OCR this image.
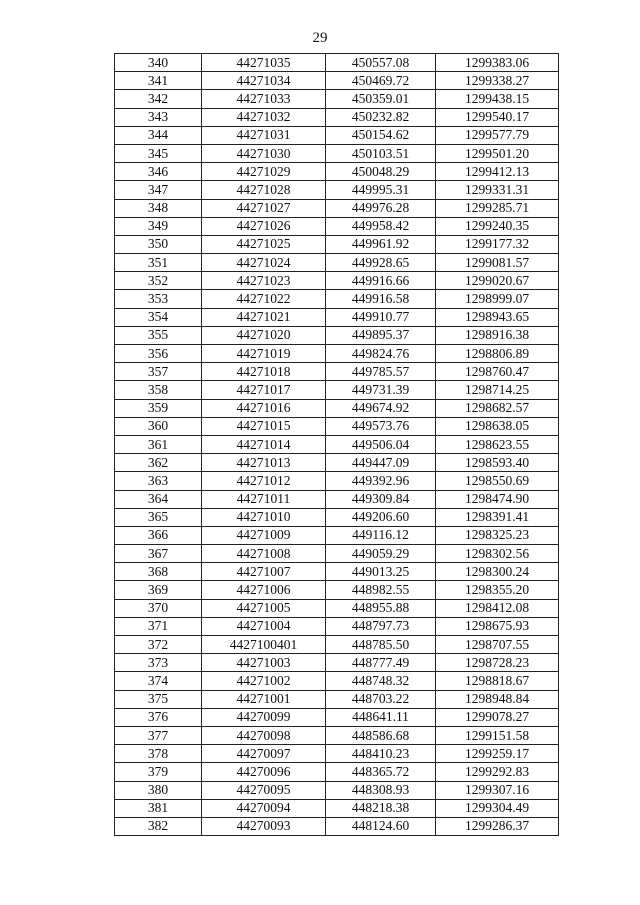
29
340	44271035	450557.08	1299383.06
341	44271034	450469.72	1299338.27
342	44271033	450359.01	1299438.15
343	44271032	450232.82	1299540.17
344	44271031	450154.62	1299577.79
345	44271030	450103.51	1299501.20
346	44271029	450048.29	1299412.13
347	44271028	449995.31	1299331.31
348	44271027	449976.28	1299285.71
349	44271026	449958.42	1299240.35
350	44271025	449961.92	1299177.32
351	44271024	449928.65	1299081.57
352	44271023	449916.66	1299020.67
353	44271022	449916.58	1298999.07
354	44271021	449910.77	1298943.65
355	44271020	449895.37	1298916.38
356	44271019	449824.76	1298806.89
357	44271018	449785.57	1298760.47
358	44271017	449731.39	1298714.25
359	44271016	449674.92	1298682.57
360	44271015	449573.76	1298638.05
361	44271014	449506.04	1298623.55
362	44271013	449447.09	1298593.40
363	44271012	449392.96	1298550.69
364	44271011	449309.84	1298474.90
365	44271010	449206.60	1298391.41
366	44271009	449116.12	1298325.23
367	44271008	449059.29	1298302.56
368	44271007	449013.25	1298300.24
369	44271006	448982.55	1298355.20
370	44271005	448955.88	1298412.08
371	44271004	448797.73	1298675.93
372	4427100401	448785.50	1298707.55
373	44271003	448777.49	1298728.23
374	44271002	448748.32	1298818.67
375	44271001	448703.22	1298948.84
376	44270099	448641.11	1299078.27
377	44270098	448586.68	1299151.58
378	44270097	448410.23	1299259.17
379	44270096	448365.72	1299292.83
380	44270095	448308.93	1299307.16
381	44270094	448218.38	1299304.49
382	44270093	448124.60	1299286.37
